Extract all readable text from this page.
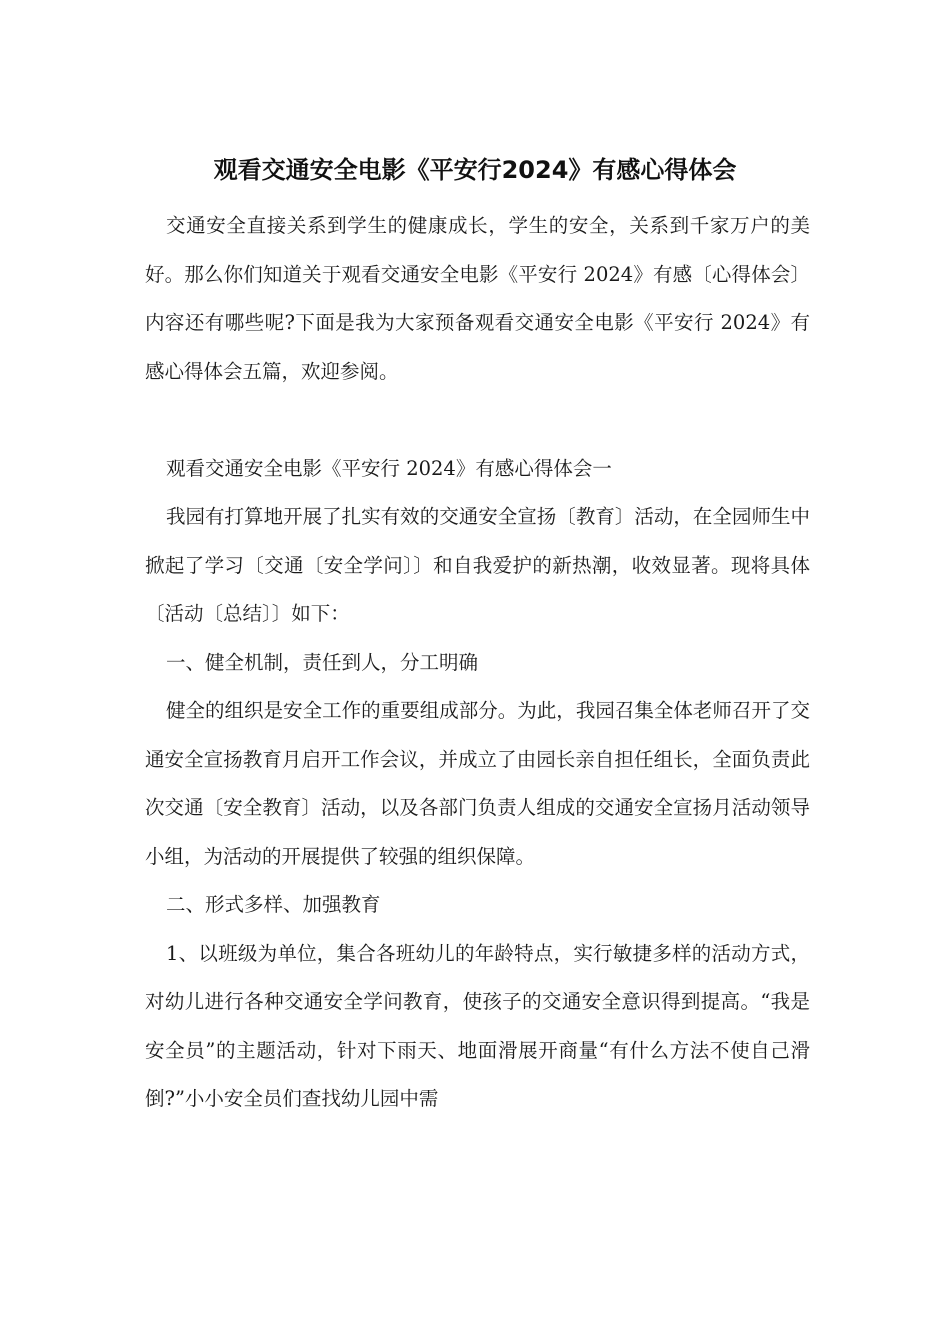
观看交通安全电影《平安行2024》有感心得体会

交通安全直接关系到学生的健康成长，学生的安全，关系到千家万户的美好。那么你们知道关于观看交通安全电影《平安行 2024》有感〔心得体会〕内容还有哪些呢?下面是我为大家预备观看交通安全电影《平安行 2024》有感心得体会五篇，欢迎参阅。

观看交通安全电影《平安行 2024》有感心得体会一

我园有打算地开展了扎实有效的交通安全宣扬〔教育〕活动，在全园师生中掀起了学习〔交通〔安全学问〕〕和自我爱护的新热潮，收效显著。现将具体〔活动〔总结〕〕如下：

一、健全机制，责任到人，分工明确

健全的组织是安全工作的重要组成部分。为此，我园召集全体老师召开了交通安全宣扬教育月启开工作会议，并成立了由园长亲自担任组长，全面负责此次交通〔安全教育〕活动，以及各部门负责人组成的交通安全宣扬月活动领导小组，为活动的开展提供了较强的组织保障。

二、形式多样、加强教育

1、以班级为单位，集合各班幼儿的年龄特点，实行敏捷多样的活动方式，对幼儿进行各种交通安全学问教育，使孩子的交通安全意识得到提高。“我是安全员”的主题活动，针对下雨天、地面滑展开商量“有什么方法不使自己滑倒?”小小安全员们查找幼儿园中需
